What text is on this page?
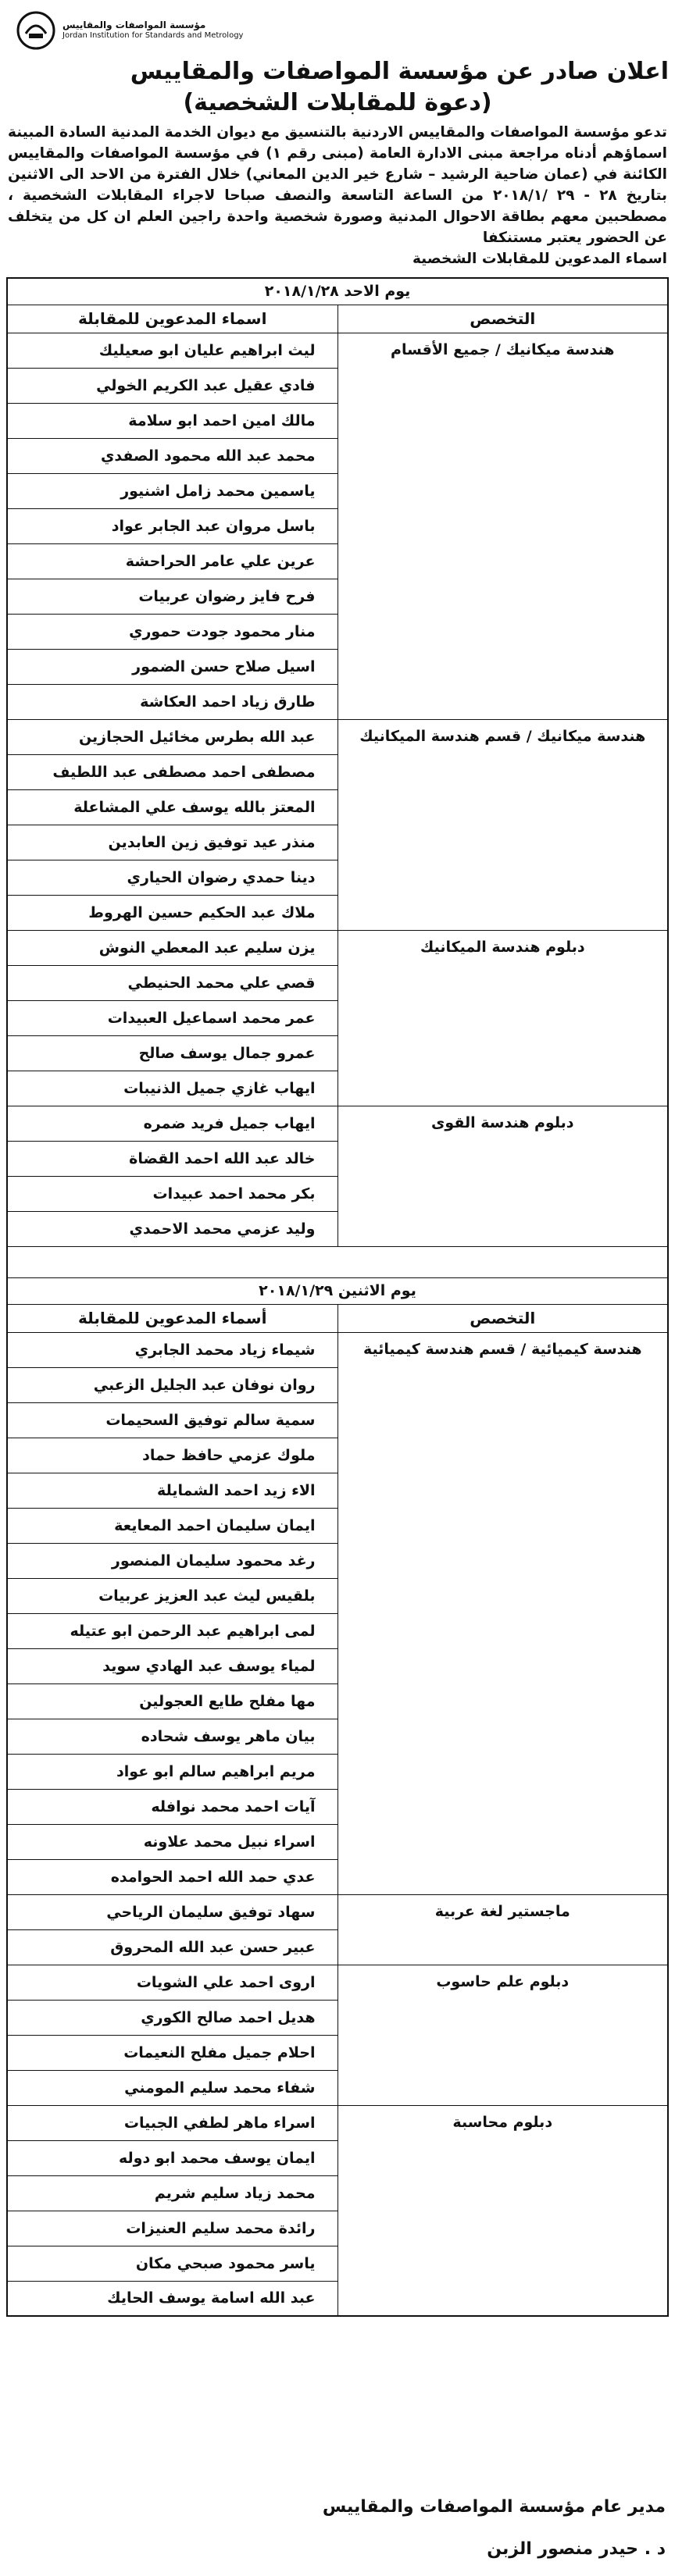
مؤسسة المواصفات والمقاييس
Jordan Institution for Standards and Metrology
اعلان صادر عن مؤسسة المواصفات والمقاييس
(دعوة للمقابلات الشخصية)

تدعو مؤسسة المواصفات والمقاييس الاردنية بالتنسيق مع ديوان الخدمة المدنية السادة المبينة اسماؤهم أدناه مراجعة مبنى الادارة العامة (مبنى رقم ١) في مؤسسة المواصفات والمقاييس الكائنة في (عمان ضاحية الرشيد – شارع خير الدين المعاني) خلال الفترة من الاحد الى الاثنين بتاريخ ٢٨ - ٢٩ /٢٠١٨/١ من الساعة التاسعة والنصف صباحا لاجراء المقابلات الشخصية ، مصطحبين معهم بطاقة الاحوال المدنية وصورة شخصية واحدة راجين العلم ان كل من يتخلف عن الحضور يعتبر مستنكفا
اسماء المدعوين للمقابلات الشخصية

يوم الاحد ٢٠١٨/١/٢٨	
التخصص	اسماء المدعوين للمقابلة
هندسة ميكانيك / جميع الأقسام	ليث ابراهيم عليان ابو صعيليك
	فادي عقيل عبد الكريم الخولي
	مالك امين احمد ابو سلامة
	محمد عبد الله محمود الصفدي
	ياسمين محمد زامل اشنيور
	باسل مروان عبد الجابر عواد
	عرين علي عامر الحراحشة
	فرح فايز رضوان عربيات
	منار محمود جودت حموري
	اسيل صلاح حسن الضمور
	طارق زياد احمد العكاشة
هندسة ميكانيك / قسم هندسة الميكانيك	عبد الله بطرس مخائيل الحجازين
	مصطفى احمد مصطفى عبد اللطيف
	المعتز بالله يوسف علي المشاعلة
	منذر عيد توفيق زين العابدين
	دينا حمدي رضوان الحياري
	ملاك عبد الحكيم حسين الهروط
دبلوم هندسة الميكانيك	يزن سليم عبد المعطي النوش
	قصي علي محمد الحنيطي
	عمر محمد اسماعيل العبيدات
	عمرو جمال يوسف صالح
	ايهاب غازي جميل الذنيبات
دبلوم هندسة القوى	ايهاب جميل فريد ضمره
	خالد عبد الله احمد القضاة
	بكر محمد احمد عبيدات
	وليد عزمي محمد الاحمدي

يوم الاثنين ٢٠١٨/١/٢٩	
التخصص	أسماء المدعوين للمقابلة
هندسة كيميائية / قسم هندسة كيميائية	شيماء زياد محمد الجابري
	روان نوفان عبد الجليل الزعبي
	سمية سالم توفيق السحيمات
	ملوك عزمي حافظ حماد
	الاء زيد احمد الشمايلة
	ايمان سليمان احمد المعايعة
	رغد محمود سليمان المنصور
	بلقيس ليث عبد العزيز عربيات
	لمى ابراهيم عبد الرحمن ابو عتيله
	لمياء يوسف عبد الهادي سويد
	مها مفلح طايع العجولين
	بيان ماهر يوسف شحاده
	مريم ابراهيم سالم ابو عواد
	آيات احمد محمد نوافله
	اسراء نبيل محمد علاونه
	عدي حمد الله احمد الحوامده
ماجستير لغة عربية	سهاد توفيق سليمان الرياحي
	عبير حسن عبد الله المحروق
دبلوم علم حاسوب	اروى احمد علي الشويات
	هديل احمد صالح الكوري
	احلام جميل مفلح النعيمات
	شفاء محمد سليم المومني
دبلوم محاسبة	اسراء ماهر لطفي الجبيات
	ايمان يوسف محمد ابو دوله
	محمد زياد سليم شريم
	رائدة محمد سليم العنيزات
	ياسر محمود صبحي مكان
	عبد الله اسامة يوسف الحايك
مدير عام مؤسسة المواصفات والمقاييس
د . حيدر منصور الزبن
